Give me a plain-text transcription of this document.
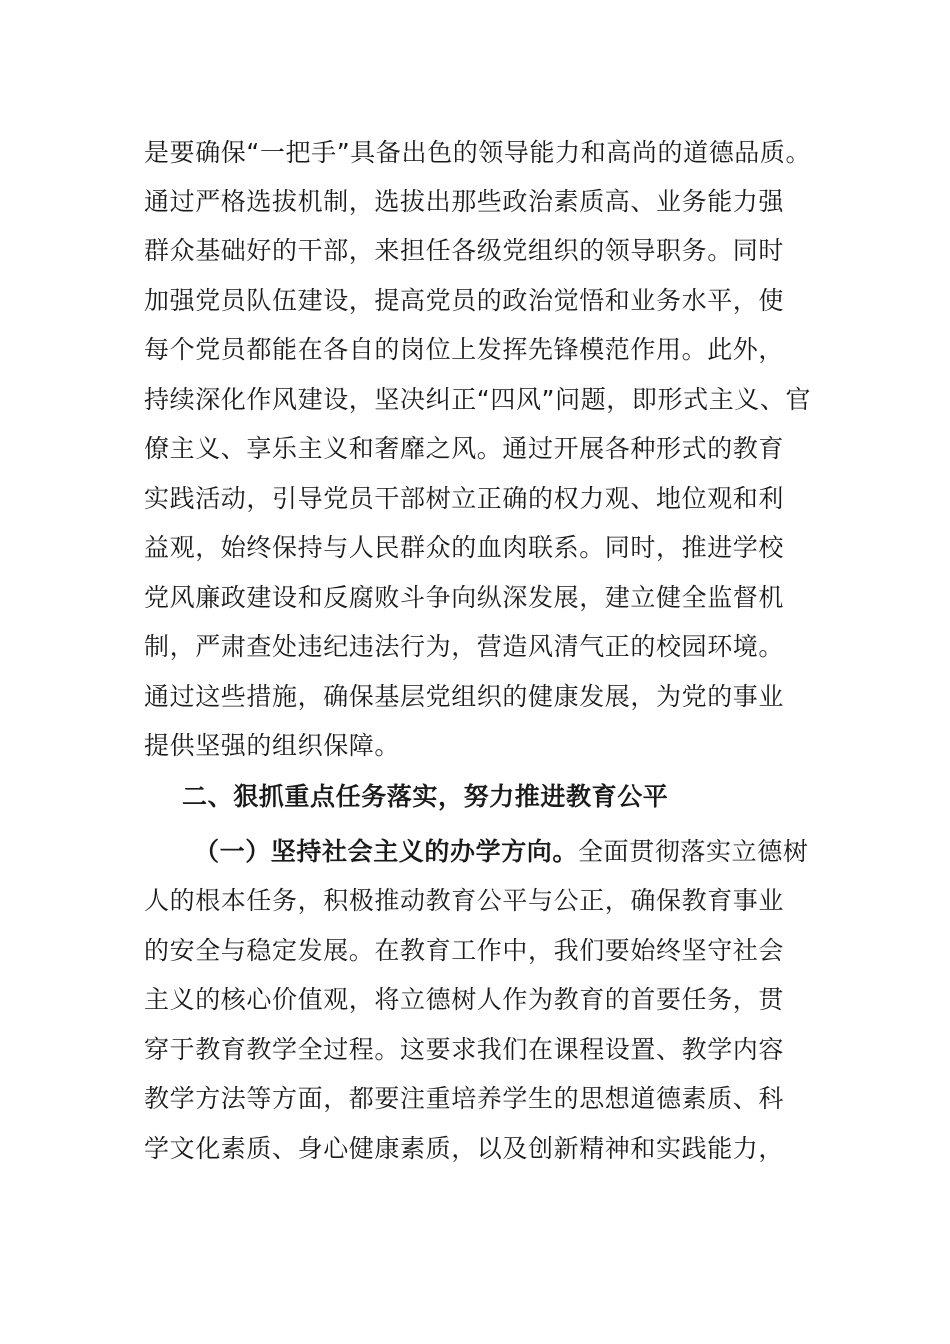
是要确保“一把手”具备出色的领导能力和高尚的道德品质。
通过严格选拔机制，选拔出那些政治素质高、业务能力强
群众基础好的干部，来担任各级党组织的领导职务。同时
加强党员队伍建设，提高党员的政治觉悟和业务水平，使
每个党员都能在各自的岗位上发挥先锋模范作用。此外，
持续深化作风建设，坚决纠正“四风”问题，即形式主义、官
僚主义、享乐主义和奢靡之风。通过开展各种形式的教育
实践活动，引导党员干部树立正确的权力观、地位观和利
益观，始终保持与人民群众的血肉联系。同时，推进学校
党风廉政建设和反腐败斗争向纵深发展，建立健全监督机
制，严肃查处违纪违法行为，营造风清气正的校园环境。
通过这些措施，确保基层党组织的健康发展，为党的事业
提供坚强的组织保障。
二、狠抓重点任务落实，努力推进教育公平
（一）坚持社会主义的办学方向。全面贯彻落实立德树
人的根本任务，积极推动教育公平与公正，确保教育事业
的安全与稳定发展。在教育工作中，我们要始终坚守社会
主义的核心价值观，将立德树人作为教育的首要任务，贯
穿于教育教学全过程。这要求我们在课程设置、教学内容
教学方法等方面，都要注重培养学生的思想道德素质、科
学文化素质、身心健康素质，以及创新精神和实践能力，
